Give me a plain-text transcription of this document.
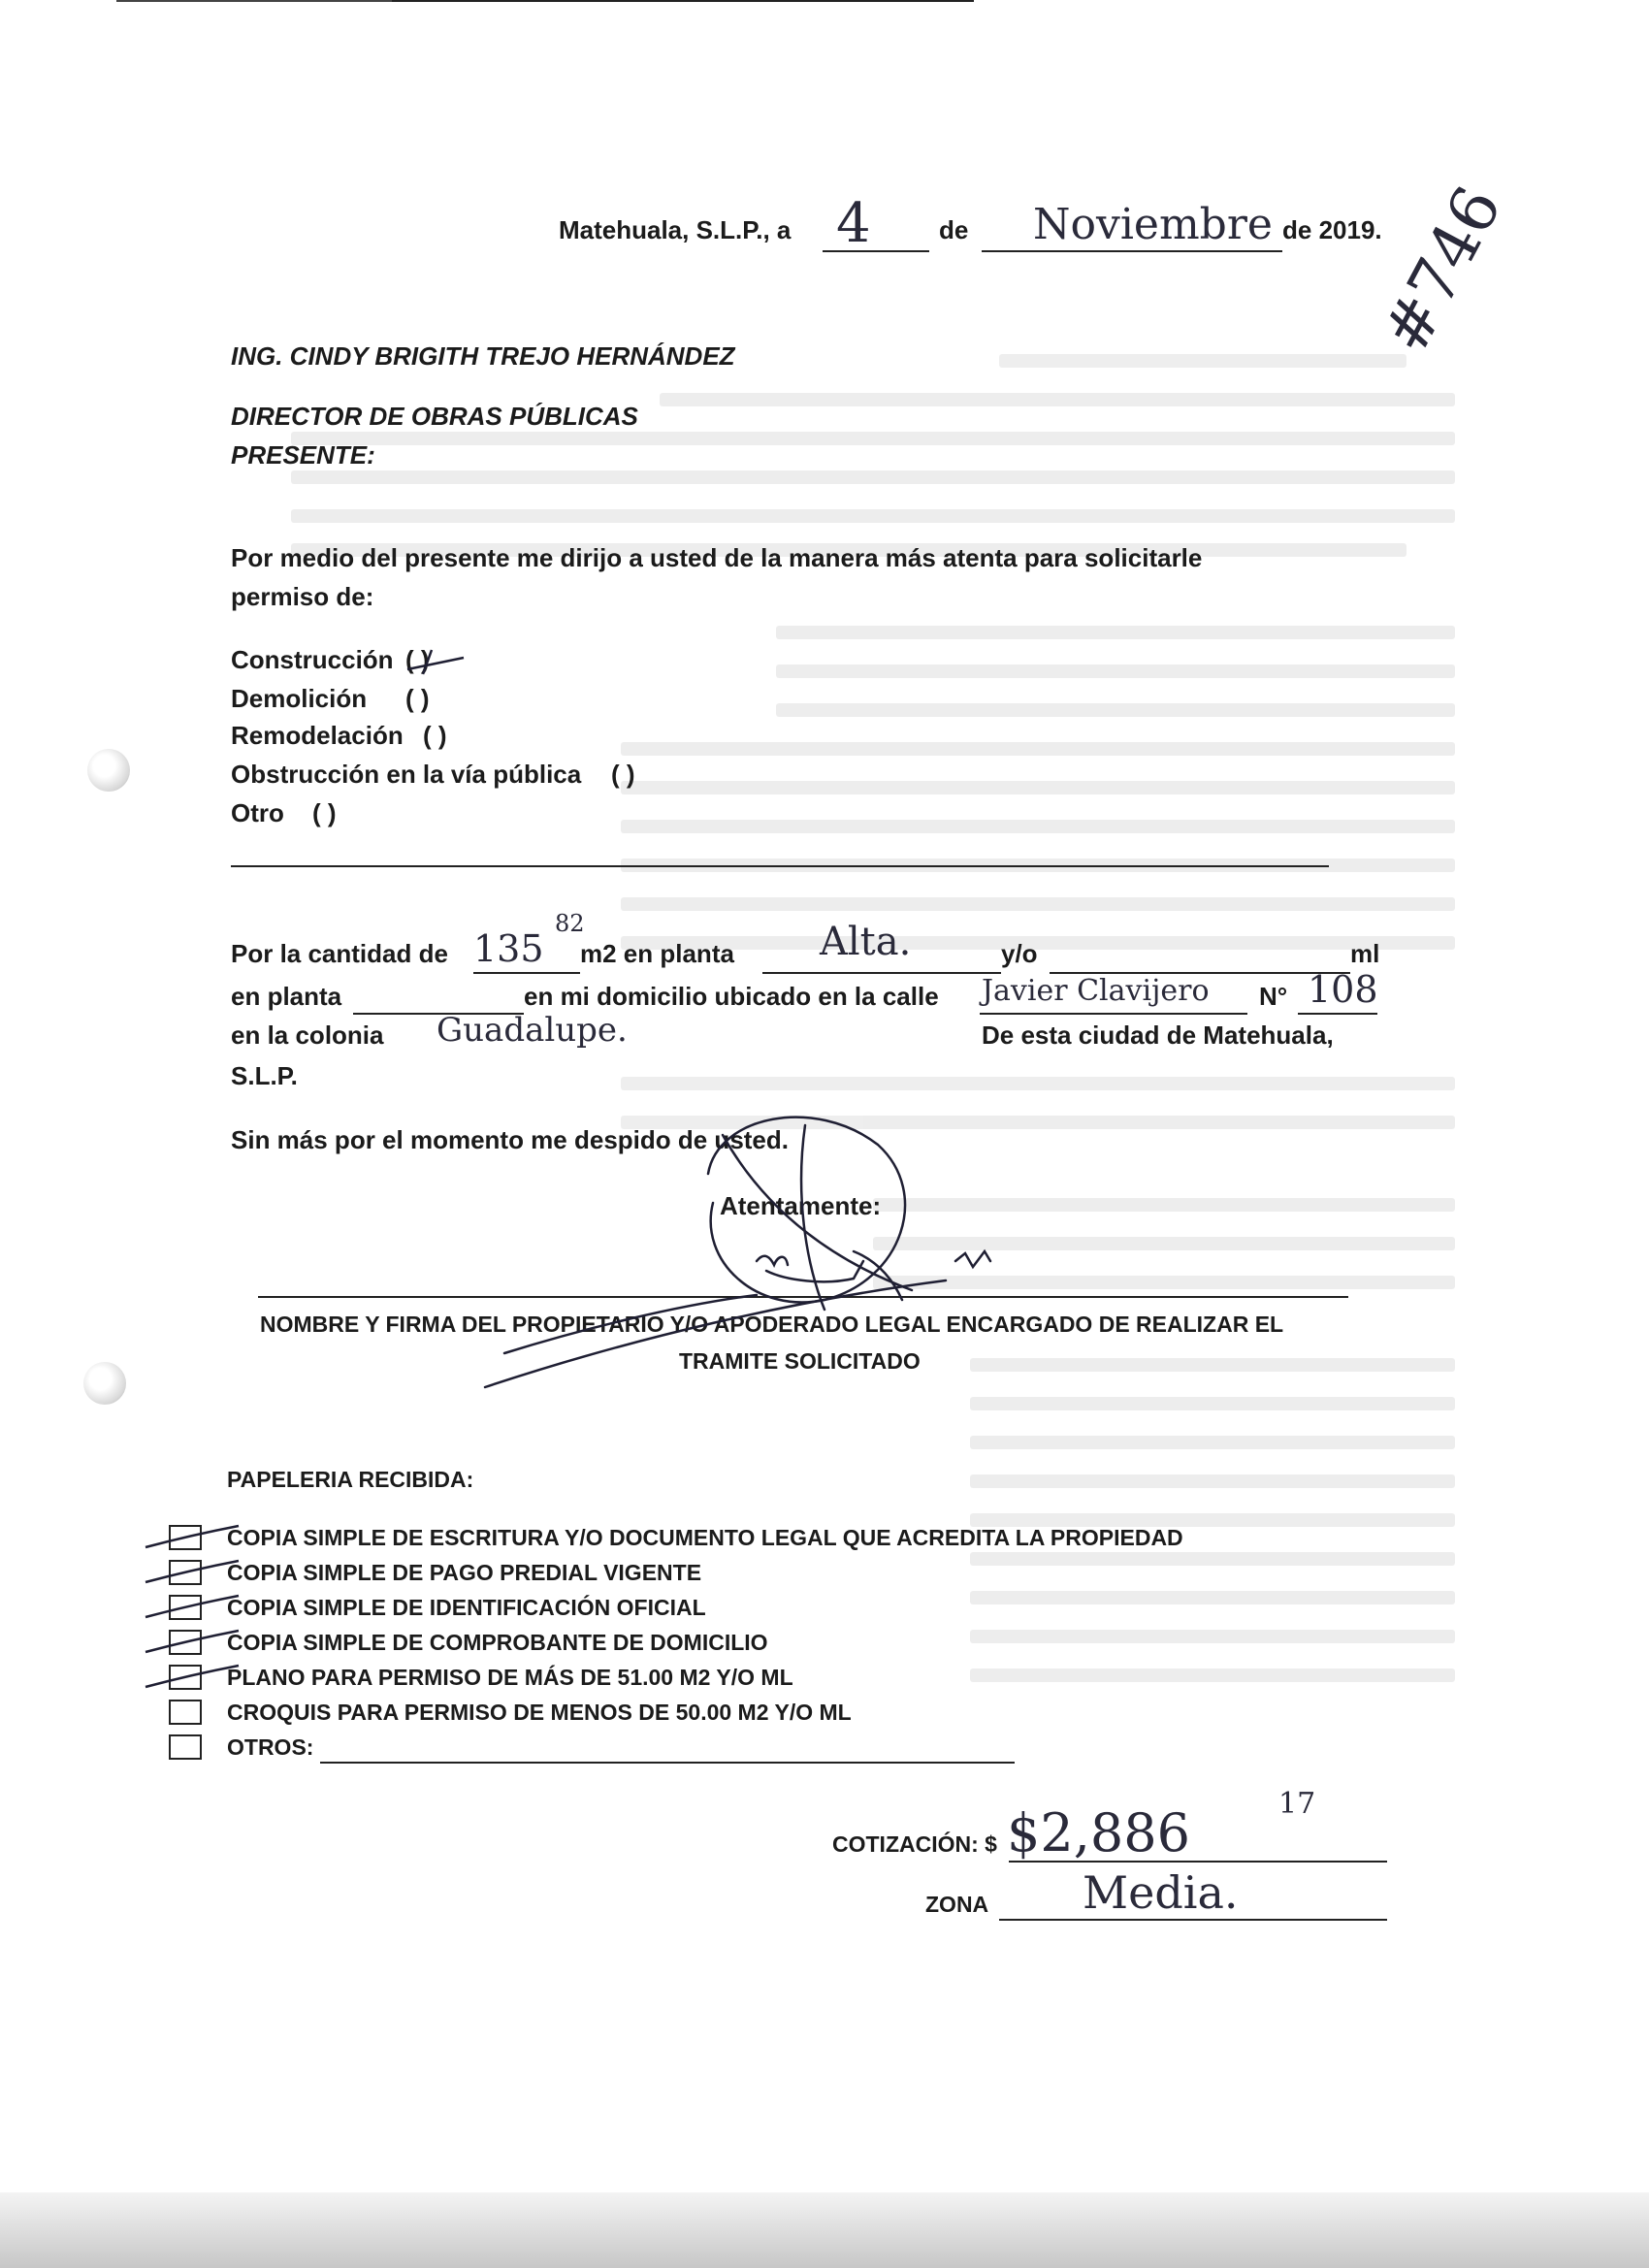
Matehuala, S.L.P., a 4	de Noviembre de 2019.
ING. CINDY BRIGITH TREJO HERNÁNDEZ
DIRECTOR DE OBRAS PÚBLICAS
PRESENTE:
#746
Por medio del presente me dirijo a usted de la manera más atenta para solicitarle
permiso de:
Construcción ( )
Demolición ( )
Remodelación ( )
Obstrucción en la vía pública ( )
Otro ( )
Por la cantidad de 135
82
m2 en planta Alta.	y/o	ml
en planta	en mi domicilio ubicado en la calle Javier Clavijero N° 108
en la colonia Guadalupe.	De esta ciudad de Matehuala,
S.L.P.
Sin más por el momento me despido de usted.
Atentamente:
NOMBRE Y FIRMA DEL PROPIETARIO Y/O APODERADO LEGAL ENCARGADO DE REALIZAR EL
TRAMITE SOLICITADO
PAPELERIA RECIBIDA:
COPIA SIMPLE DE ESCRITURA Y/O DOCUMENTO LEGAL QUE ACREDITA LA PROPIEDAD
COPIA SIMPLE DE PAGO PREDIAL VIGENTE
COPIA SIMPLE DE IDENTIFICACIÓN OFICIAL
COPIA SIMPLE DE COMPROBANTE DE DOMICILIO
PLANO PARA PERMISO DE MÁS DE 51.00 M2 Y/O ML
CROQUIS PARA PERMISO DE MENOS DE 50.00 M2 Y/O ML
OTROS:
COTIZACIÓN: $ $2,886	17
ZONA Media.
